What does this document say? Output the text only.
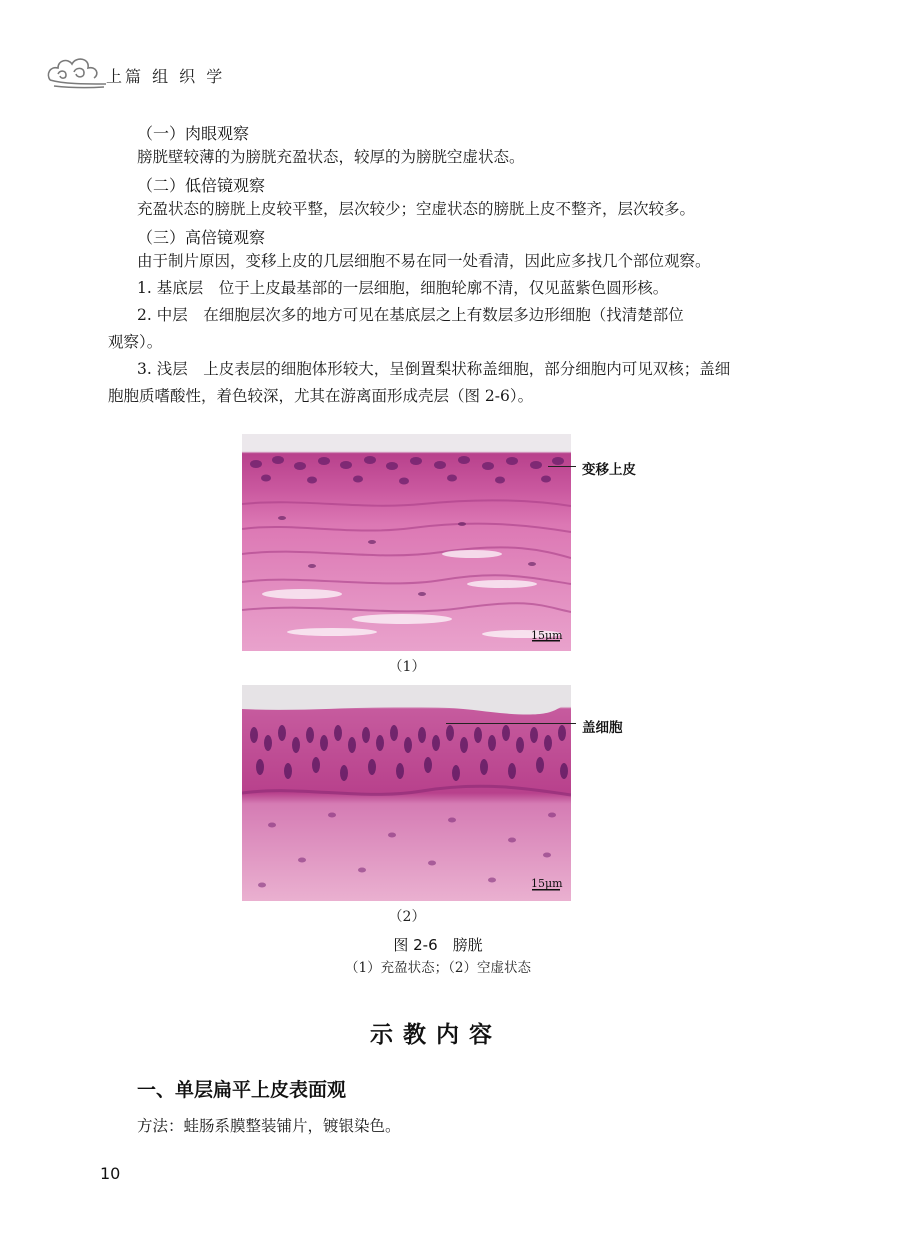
上篇 组 织 学
（一）肉眼观察
膀胱壁较薄的为膀胱充盈状态，较厚的为膀胱空虚状态。
（二）低倍镜观察
充盈状态的膀胱上皮较平整，层次较少；空虚状态的膀胱上皮不整齐，层次较多。
（三）高倍镜观察
由于制片原因，变移上皮的几层细胞不易在同一处看清，因此应多找几个部位观察。
1. 基底层　位于上皮最基部的一层细胞，细胞轮廓不清，仅见蓝紫色圆形核。
2. 中层　在细胞层次多的地方可见在基底层之上有数层多边形细胞（找清楚部位
观察）。
3. 浅层　上皮表层的细胞体形较大，呈倒置梨状称盖细胞，部分细胞内可见双核；盖细
胞胞质嗜酸性，着色较深，尤其在游离面形成壳层（图 2-6）。
15μm
变移上皮
（1）
15μm
盖细胞
（2）
图 2-6　膀胱
（1）充盈状态；（2）空虚状态
示教内容
一、单层扁平上皮表面观
方法：蛙肠系膜整装铺片，镀银染色。
10
